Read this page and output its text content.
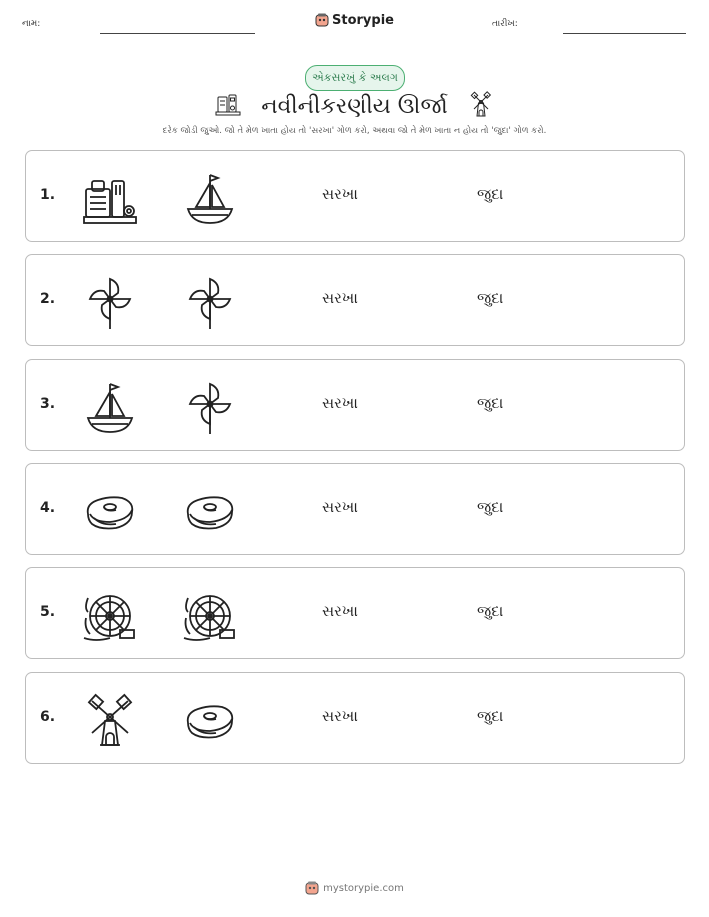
નામ:	Storypie	તારીખ:
એકસરખું કે અલગ
નવીનીકરણીય ઊર્જા
દરેક જોડી જુઓ. જો તે મેળ ખાતા હોય તો 'સરખા' ગોળ કરો, અથવા જો તે મેળ ખાતા ન હોય તો 'જુદા' ગોળ કરો.
1.	સરખા	જુદા
2.	સરખા	જુદા
3.	સરખા	જુદા
4.	સરખા	જુદા
5.	સરખા	જુદા
6.	સરખા	જુદા
mystorypie.com
